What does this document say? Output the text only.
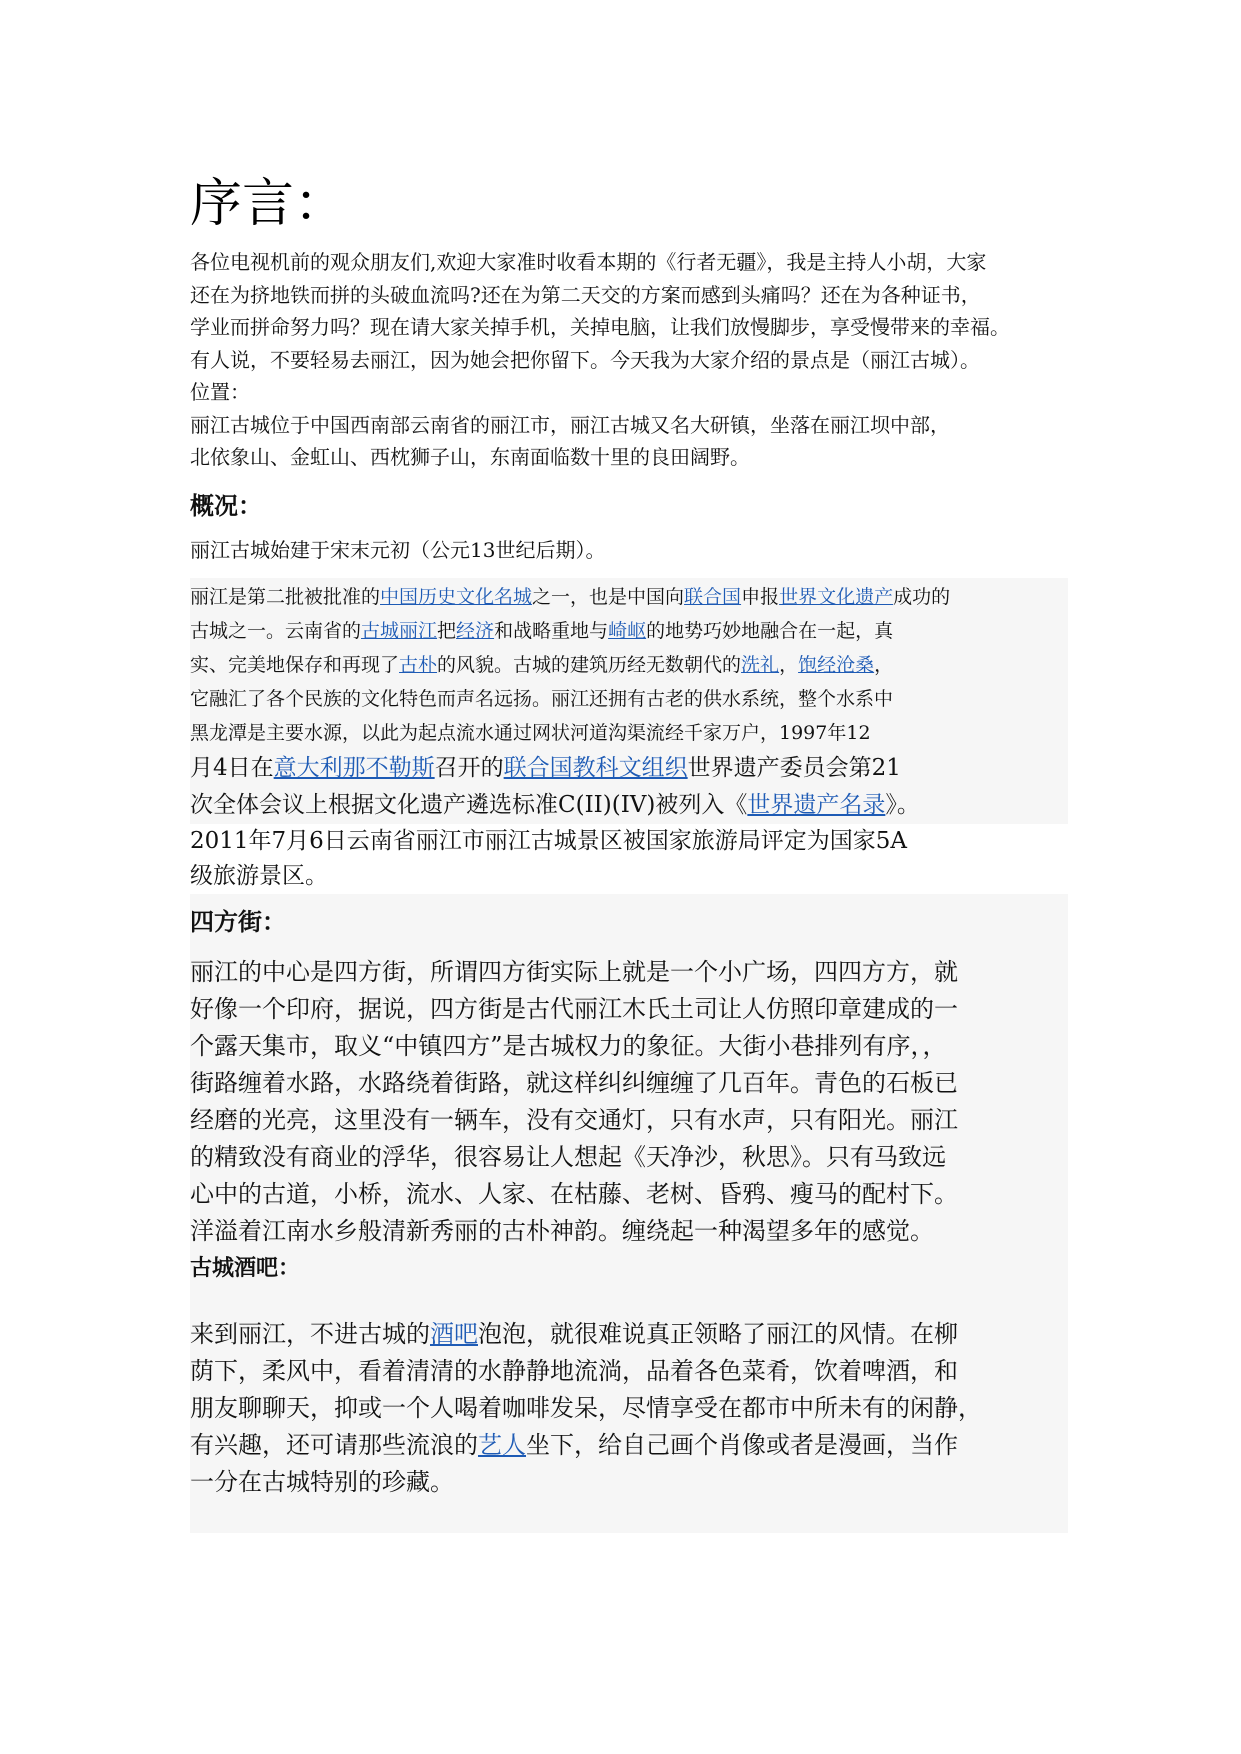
序言：
各位电视机前的观众朋友们,欢迎大家准时收看本期的《行者无疆》，我是主持人小胡，大家
还在为挤地铁而拼的头破血流吗?还在为第二天交的方案而感到头痛吗？还在为各种证书，
学业而拼命努力吗？现在请大家关掉手机，关掉电脑，让我们放慢脚步，享受慢带来的幸福。
有人说，不要轻易去丽江，因为她会把你留下。今天我为大家介绍的景点是（丽江古城）。
位置：
丽江古城位于中国西南部云南省的丽江市，丽江古城又名大研镇，坐落在丽江坝中部，
北依象山、金虹山、西枕狮子山，东南面临数十里的良田阔野。
概况：
丽江古城始建于宋末元初（公元13世纪后期）。
丽江是第二批被批准的中国历史文化名城之一，也是中国向联合国申报世界文化遗产成功的
古城之一。云南省的古城丽江把经济和战略重地与崎岖的地势巧妙地融合在一起，真
实、完美地保存和再现了古朴的风貌。古城的建筑历经无数朝代的洗礼，饱经沧桑，
它融汇了各个民族的文化特色而声名远扬。丽江还拥有古老的供水系统，整个水系中
黑龙潭是主要水源，以此为起点流水通过网状河道沟渠流经千家万户，1997年12
月4日在意大利那不勒斯召开的联合国教科文组织世界遗产委员会第21
次全体会议上根据文化遗产遴选标准C(II)(IV)被列入《世界遗产名录》。
2011年7月6日云南省丽江市丽江古城景区被国家旅游局评定为国家5A
级旅游景区。
四方街：
丽江的中心是四方街，所谓四方街实际上就是一个小广场，四四方方，就
好像一个印府，据说，四方街是古代丽江木氏土司让人仿照印章建成的一
个露天集市，取义“中镇四方”是古城权力的象征。大街小巷排列有序，，
街路缠着水路，水路绕着街路，就这样纠纠缠缠了几百年。青色的石板已
经磨的光亮，这里没有一辆车，没有交通灯，只有水声，只有阳光。丽江
的精致没有商业的浮华，很容易让人想起《天净沙，秋思》。只有马致远
心中的古道，小桥，流水、人家、在枯藤、老树、昏鸦、瘦马的配村下。
洋溢着江南水乡般清新秀丽的古朴神韵。缠绕起一种渴望多年的感觉。
古城酒吧：
来到丽江，不进古城的酒吧泡泡，就很难说真正领略了丽江的风情。在柳
荫下，柔风中，看着清清的水静静地流淌，品着各色菜肴，饮着啤酒，和
朋友聊聊天，抑或一个人喝着咖啡发呆，尽情享受在都市中所未有的闲静，
有兴趣，还可请那些流浪的艺人坐下，给自己画个肖像或者是漫画，当作
一分在古城特别的珍藏。
